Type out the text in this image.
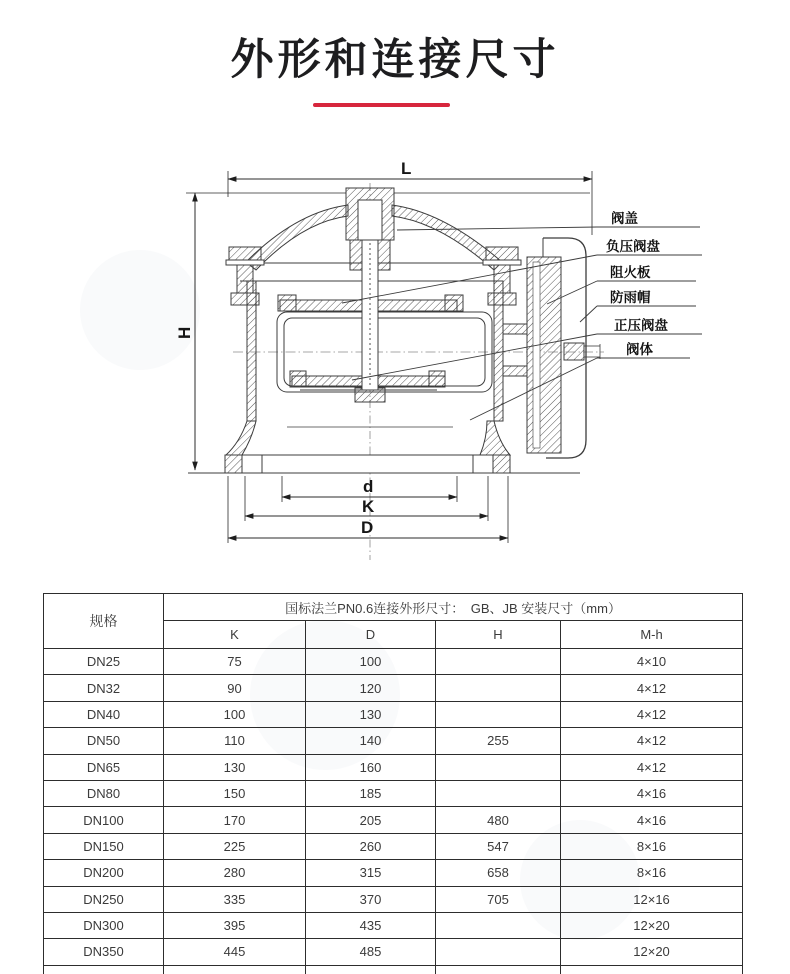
外形和连接尺寸
L
H
d
K
D
阀盖
负压阀盘
阻火板
防雨帽
正压阀盘
阀体
规格	国标法兰PN0.6连接外形尺寸：　GB、JB 安装尺寸（mm）			
	K	D	H	M-h
DN25	75	100		4×10
DN32	90	120		4×12
DN40	100	130		4×12
DN50	110	140	255	4×12
DN65	130	160		4×12
DN80	150	185		4×16
DN100	170	205	480	4×16
DN150	225	260	547	8×16
DN200	280	315	658	8×16
DN250	335	370	705	12×16
DN300	395	435		12×20
DN350	445	485		12×20
